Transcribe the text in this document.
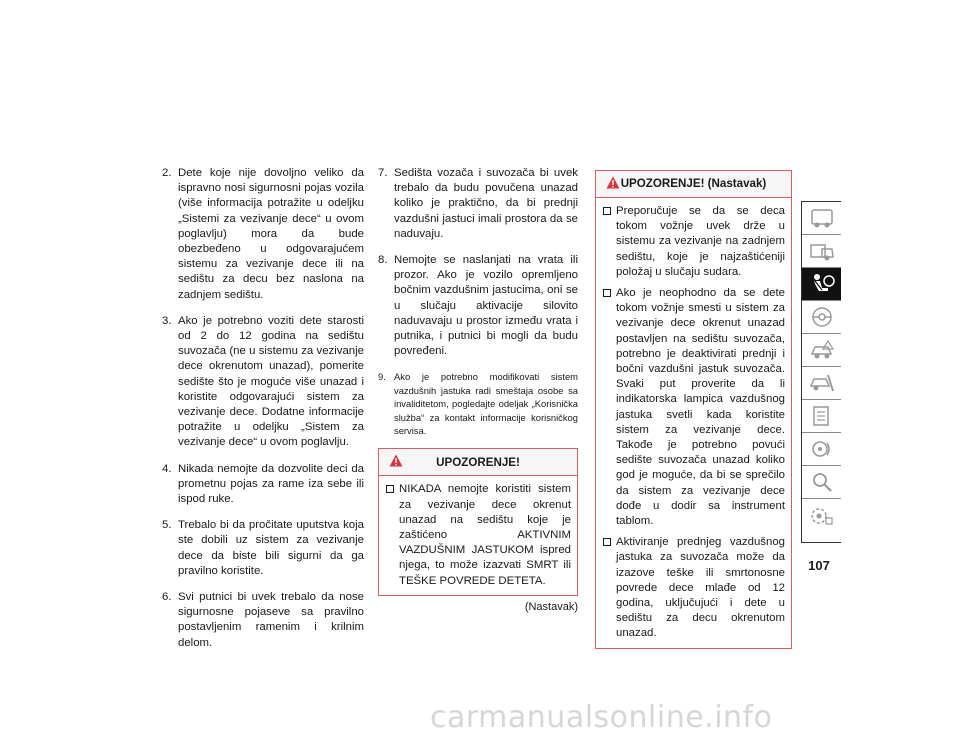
2. Dete koje nije dovoljno veliko da ispravno nosi sigurnosni pojas vozila (više informacija potražite u odeljku „Sistemi za vezivanje dece“ u ovom poglavlju) mora da bude obezbeđeno u odgovarajućem sistemu za vezivanje dece ili na sedištu za decu bez naslona na zadnjem sedištu.
3. Ako je potrebno voziti dete starosti od 2 do 12 godina na sedištu suvozača (ne u sistemu za vezivanje dece okrenutom unazad), pomerite sedište što je moguće više unazad i koristite odgovarajući sistem za vezivanje dece. Dodatne informacije potražite u odeljku „Sistem za vezivanje dece“ u ovom poglavlju.
4. Nikada nemojte da dozvolite deci da prometnu pojas za rame iza sebe ili ispod ruke.
5. Trebalo bi da pročitate uputstva koja ste dobili uz sistem za vezivanje dece da biste bili sigurni da ga pravilno koristite.
6. Svi putnici bi uvek trebalo da nose sigurnosne pojaseve sa pravilno postavljenim ramenim i krilnim delom.
7. Sedišta vozača i suvozača bi uvek trebalo da budu povučena unazad koliko je praktično, da bi prednji vazdušni jastuci imali prostora da se naduvaju.
8. Nemojte se naslanjati na vrata ili prozor. Ako je vozilo opremljeno bočnim vazdušnim jastucima, oni se u slučaju aktivacije silovito naduvavaju u prostor između vrata i putnika, i putnici bi mogli da budu povređeni.
9. Ako je potrebno modifikovati sistem vazdušnih jastuka radi smeštaja osobe sa invaliditetom, pogledajte odeljak „Korisnička služba“ za kontakt informacije korisničkog servisa.
UPOZORENJE!
NIKADA nemojte koristiti sistem za vezivanje dece okrenut unazad na sedištu koje je zaštićeno AKTIVNIM VAZDUŠNIM JASTUKOM ispred njega, to može izazvati SMRT ili TEŠKE POVREDE DETETA.
(Nastavak)
UPOZORENJE! (Nastavak)
Preporučuje se da se deca tokom vožnje uvek drže u sistemu za vezivanje na zadnjem sedištu, koje je najzaštićeniji položaj u slučaju sudara.
Ako je neophodno da se dete tokom vožnje smesti u sistem za vezivanje dece okrenut unazad postavljen na sedištu suvozača, potrebno je deaktivirati prednji i bočni vazdušni jastuk suvozača. Svaki put proverite da li indikatorska lampica vazdušnog jastuka svetli kada koristite sistem za vezivanje dece. Takođe je potrebno povući sedište suvozača unazad koliko god je moguće, da bi se sprečilo da sistem za vezivanje dece dođe u dodir sa instrument tablom.
Aktiviranje prednjeg vazdušnog jastuka za suvozača može da izazove teške ili smrtonosne povrede dece mlađe od 12 godina, uključujući i dete u sedištu za decu okrenutom unazad.
107
carmanualsonline.info
